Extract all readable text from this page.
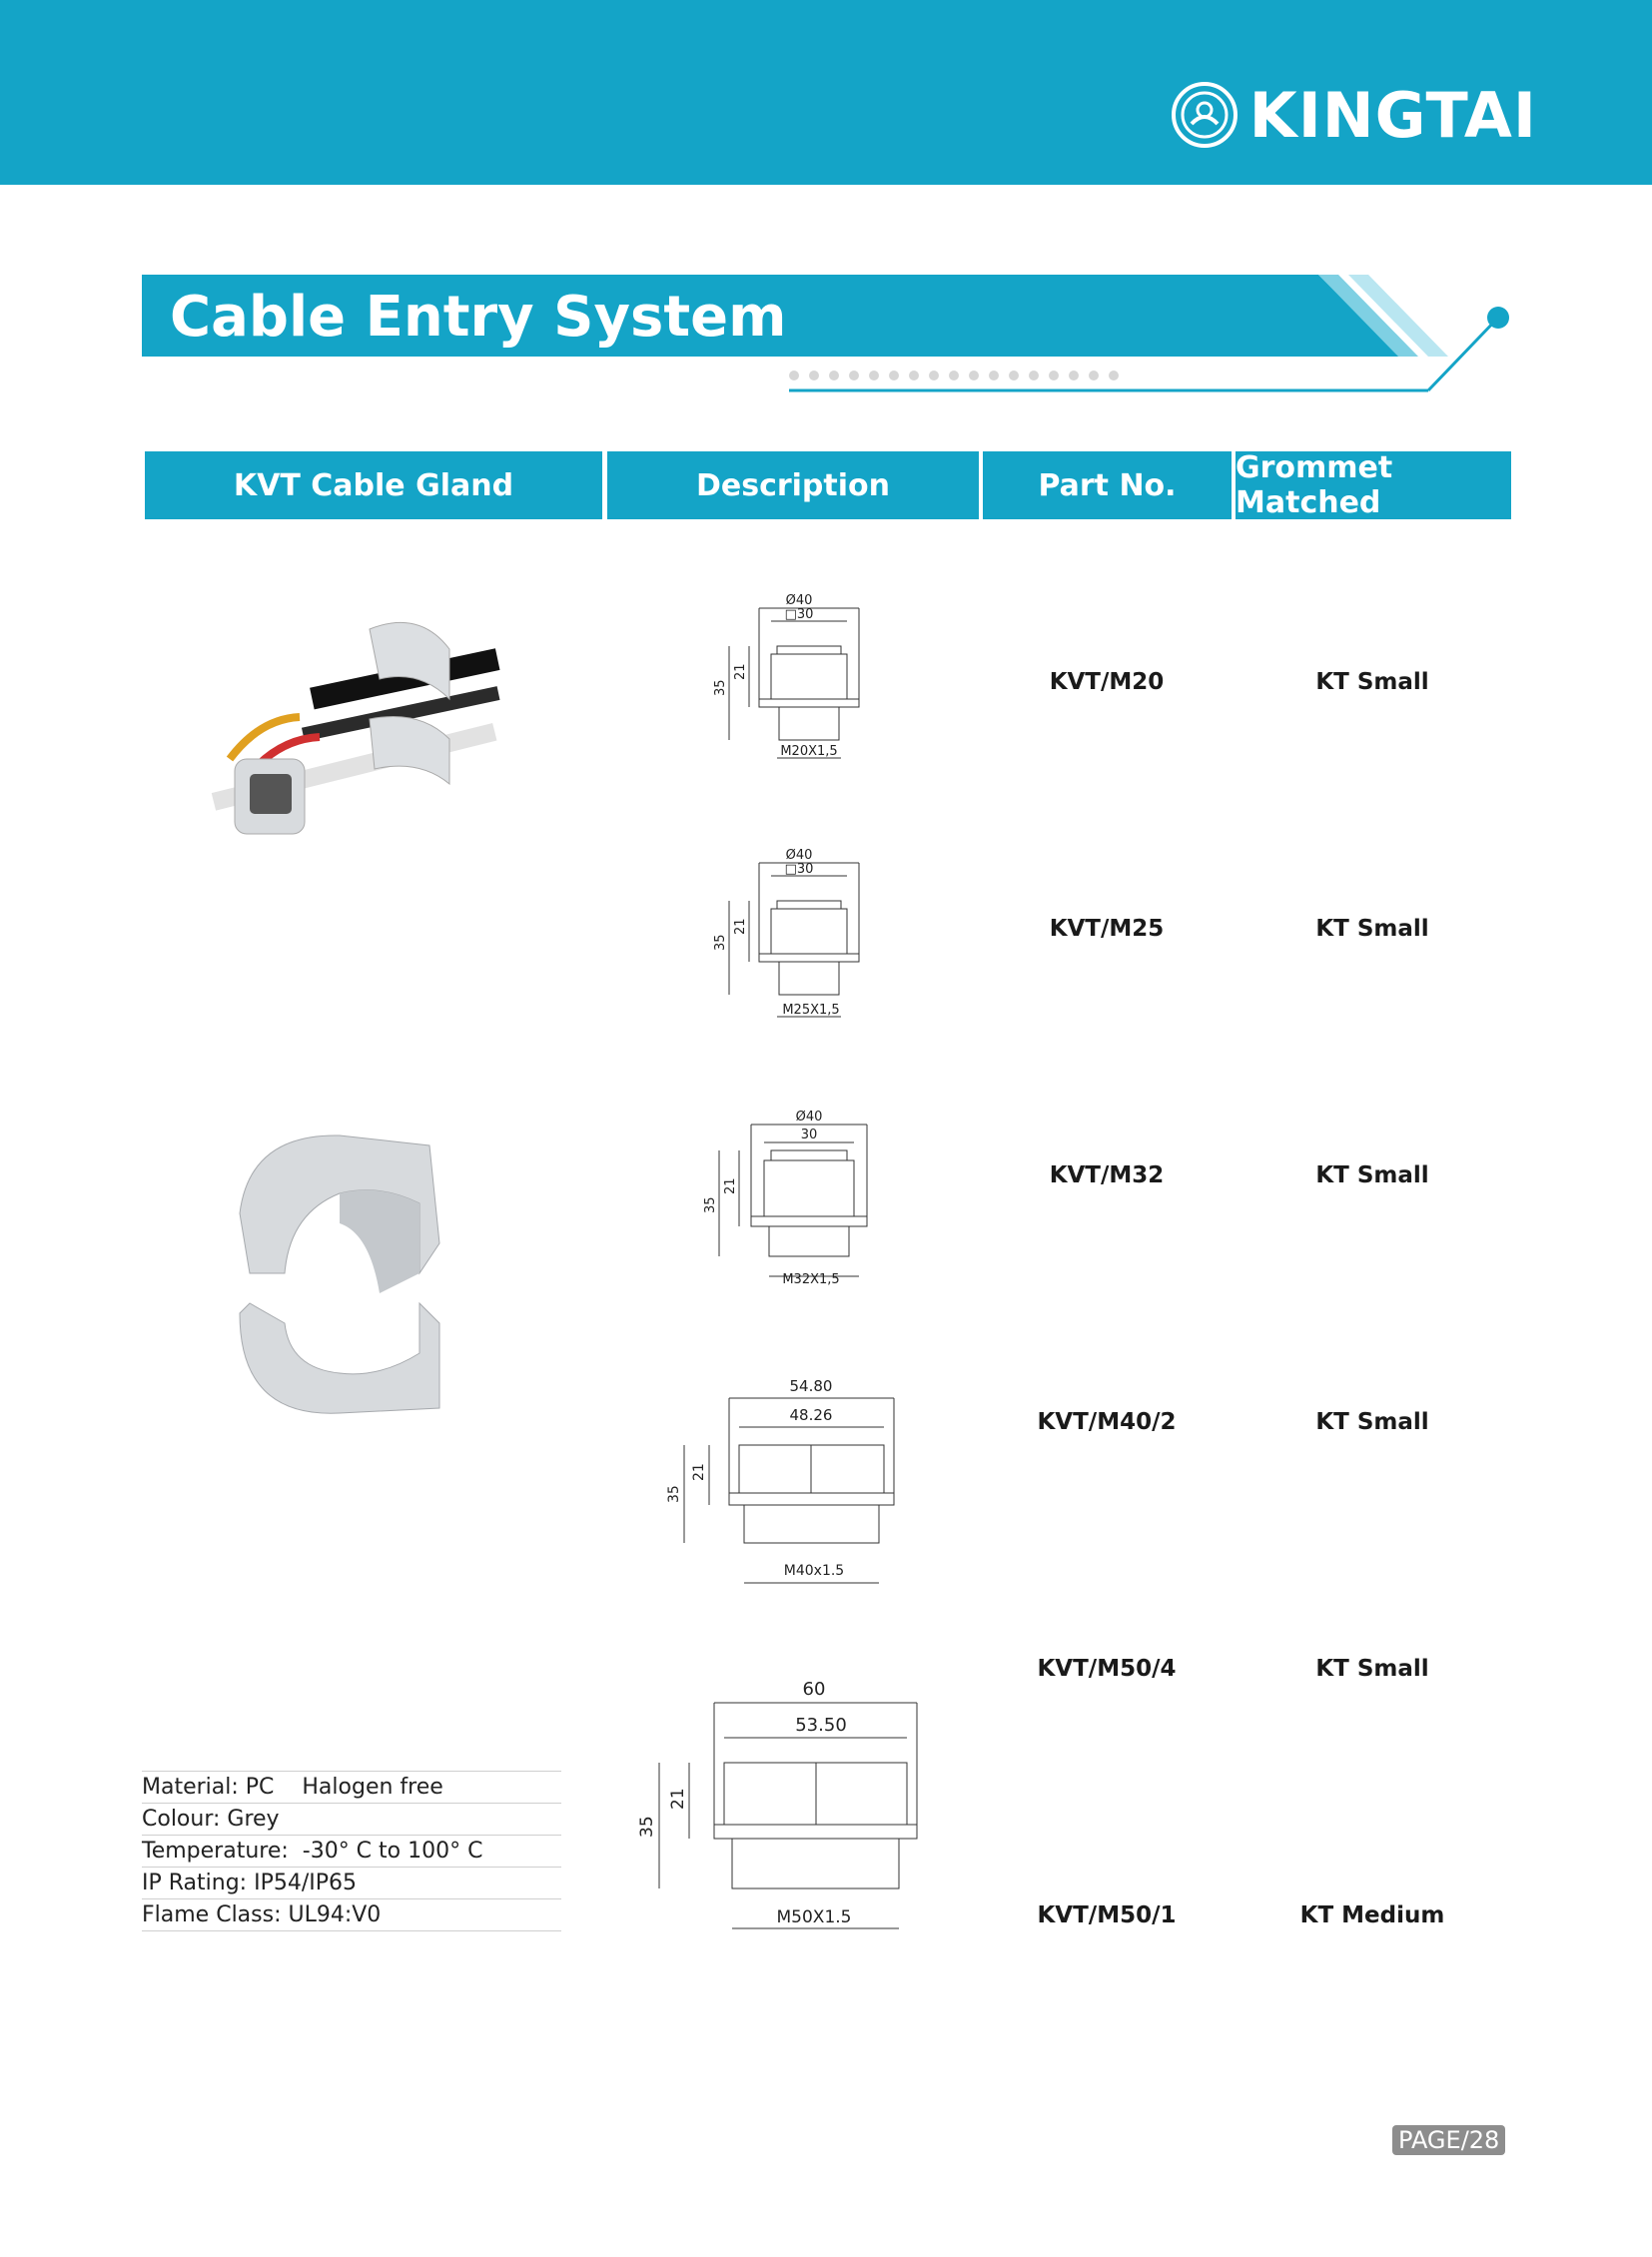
KINGTAI
Cable Entry System
KVT Cable Gland	Description	Part No.	Grommet Matched
Ø40
□30
35
21
M20X1,5
Ø40
□30
35
21
M25X1,5
Ø40
30
35
21
M32X1,5
54.80
48.26
35
21
M40x1.5
60
53.50
35
21
M50X1.5
KVT/M20	KT Small
KVT/M25	KT Small
KVT/M32	KT Small
KVT/M40/2	KT Small
KVT/M50/4	KT Small
KVT/M50/1	KT Medium
Material: PC    Halogen free
Colour: Grey
Temperature:  -30° C to 100° C
IP Rating: IP54/IP65
Flame Class: UL94:V0
PAGE/28
